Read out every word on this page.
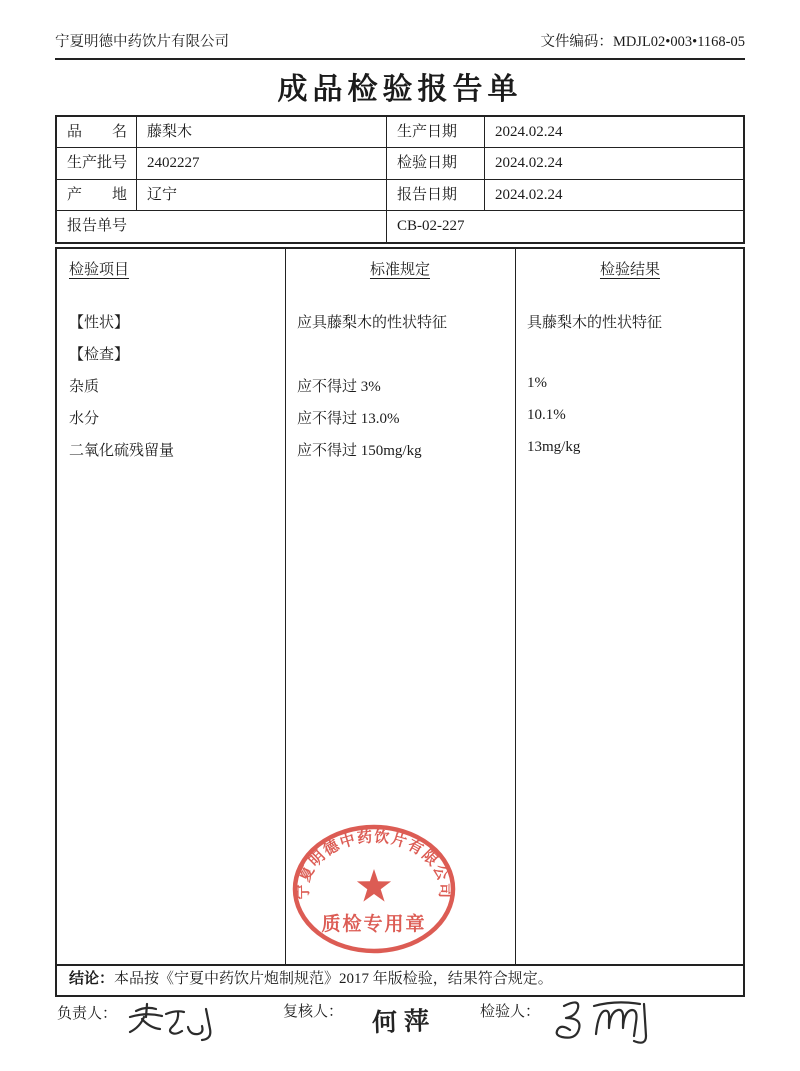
宁夏明德中药饮片有限公司	文件编码：MDJL02•003•1168-05
成品检验报告单
品　　名	藤梨木	生产日期	2024.02.24
生产批号	2402227	检验日期	2024.02.24
产　　地	辽宁	报告日期	2024.02.24
报告单号	CB-02-227
检验项目	标准规定	检验结果
【性状】	应具藤梨木的性状特征	具藤梨木的性状特征
【检查】
杂质	应不得过 3%	1%
水分	应不得过 13.0%	10.1%
二氧化硫残留量	应不得过 150mg/kg	13mg/kg
宁夏明德中药饮片有限公司
质检专用章
结论：本品按《宁夏中药饮片炮制规范》2017 年版检验，结果符合规定。
负责人：	复核人：	检验人：
何萍
